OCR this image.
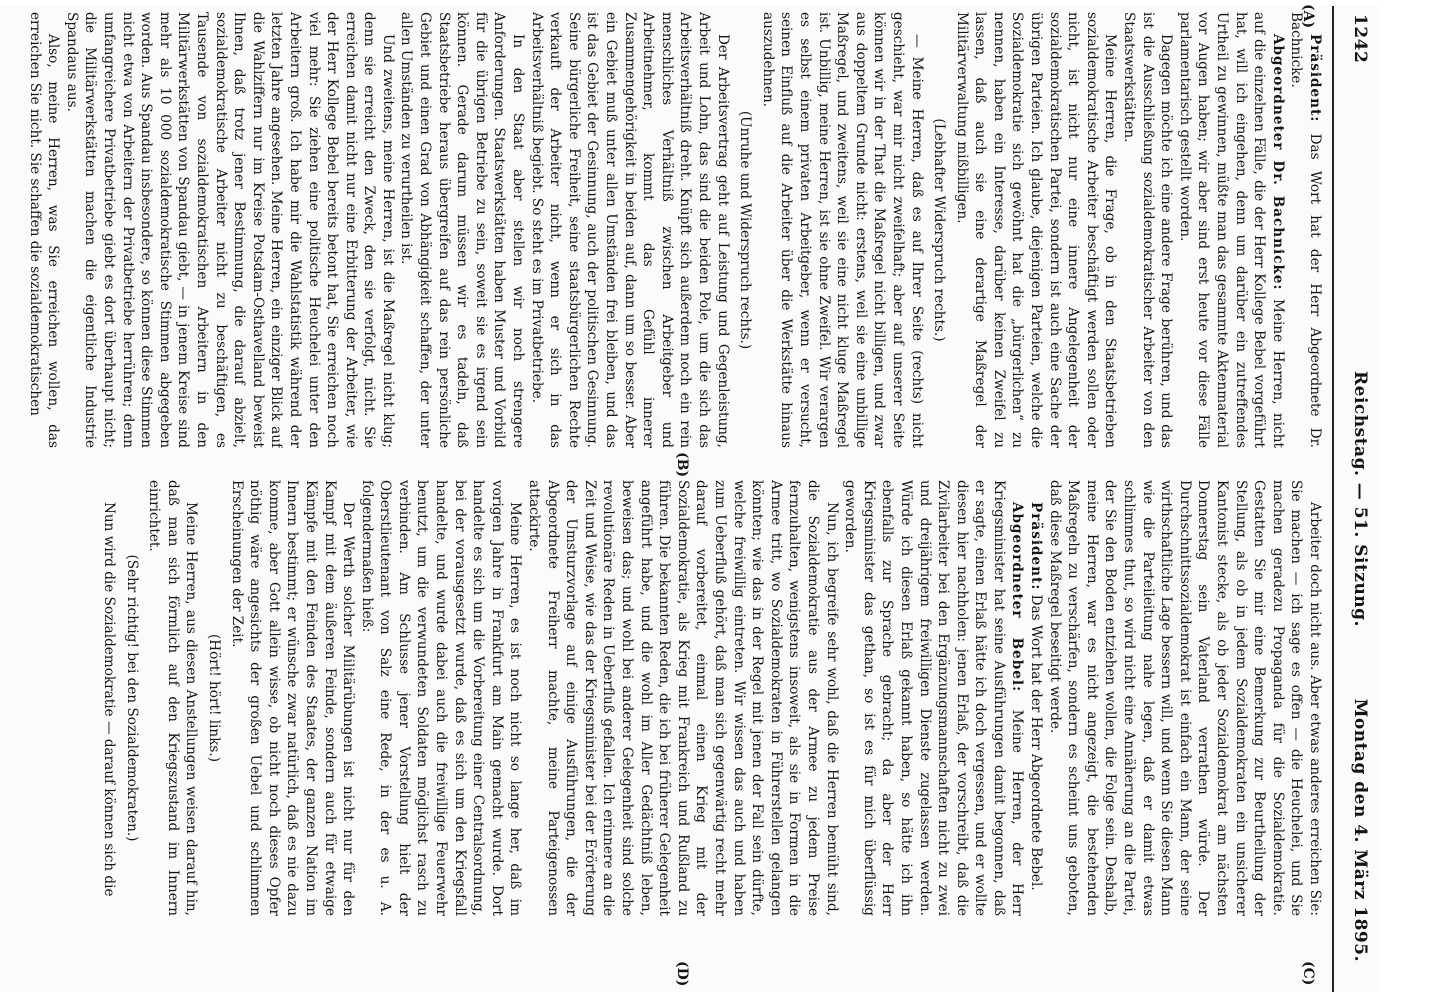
1242
Reichstag. — 51. Sitzung.
Montag den 4. März 1895.
(A)
(B)
(C)
(D)

Präsident: Das Wort hat der Herr Abgeordnete Dr. Bachnicke.

Abgeordneter Dr. Bachnicke: Meine Herren, nicht auf die einzelnen Fälle, die der Herr Kollege Bebel vorgeführt hat, will ich eingehen, denn um darüber ein zutreffendes Urtheil zu gewinnen, müßte man das gesammte Aktenmaterial vor Augen haben; wir aber sind erst heute vor diese Fälle parlamentarisch gestellt worden.

Dagegen möchte ich eine andere Frage berühren, und das ist die Ausschließung sozialdemokratischer Arbeiter von den Staatswerkstätten.

Meine Herren, die Frage, ob in den Staatsbetrieben sozialdemokratische Arbeiter beschäftigt werden sollen oder nicht, ist nicht nur eine innere Angelegenheit der sozialdemokratischen Partei, sondern ist auch eine Sache der übrigen Parteien. Ich glaube, diejenigen Parteien, welche die Sozialdemokratie sich gewöhnt hat die „bürgerlichen“ zu nennen, haben ein Interesse, darüber keinen Zweifel zu lassen, daß auch sie eine derartige Maßregel der Militärverwaltung mißbilligen.

(Lebhafter Widerspruch rechts.)

— Meine Herren, daß es auf Ihrer Seite (rechts) nicht geschieht, war mir nicht zweifelhaft; aber auf unserer Seite können wir in der That die Maßregel nicht billigen, und zwar aus doppeltem Grunde nicht: erstens, weil sie eine unbillige Maßregel, und zweitens, weil sie eine nicht kluge Maßregel ist. Unbillig, meine Herren, ist sie ohne Zweifel. Wir verargen es selbst einem privaten Arbeitgeber, wenn er versucht, seinen Einfluß auf die Arbeiter über die Werkstätte hinaus auszudehnen.

(Unruhe und Widerspruch rechts.)

Der Arbeitsvertrag geht auf Leistung und Gegenleistung, Arbeit und Lohn, das sind die beiden Pole, um die sich das Arbeitsverhältniß dreht. Knüpft sich außerdem noch ein rein menschliches Verhältniß zwischen Arbeitgeber und Arbeitnehmer, kommt das Gefühl innerer Zusammengehörigkeit in beiden auf, dann um so besser. Aber ein Gebiet muß unter allen Umständen frei bleiben, und das ist das Gebiet der Gesinnung, auch der politischen Gesinnung. Seine bürgerliche Freiheit, seine staatsbürgerlichen Rechte verkauft der Arbeiter nicht, wenn er sich in das Arbeitsverhältniß begiebt. So steht es im Privatbetriebe.

In den Staat aber stellen wir noch strengere Anforderungen. Staatswerkstätten haben Muster und Vorbild für die übrigen Betriebe zu sein, soweit sie es irgend sein können. Gerade darum müssen wir es tadeln, daß Staatsbetriebe heraus übergreifen auf das rein persönliche Gebiet und einen Grad von Abhängigkeit schaffen, der unter allen Umständen zu verurtheilen ist.

Und zweitens, meine Herren, ist die Maßregel nicht klug; denn sie erreicht den Zweck, den sie verfolgt, nicht. Sie erreichen damit nicht nur eine Erbitterung der Arbeiter, wie der Herr Kollege Bebel bereits betont hat, Sie erreichen noch viel mehr: Sie ziehen eine politische Heuchelei unter den Arbeitern groß. Ich habe mir die Wahlstatistik während der letzten Jahre angesehen. Meine Herren, ein einziger Blick auf die Wahlziffern nur im Kreise Potsdam-Osthavelland beweist Ihnen, daß trotz jener Bestimmung, die darauf abzielt, sozialdemokratische Arbeiter nicht zu beschäftigen, es Tausende von sozialdemokratischen Arbeitern in den Militärwerkstätten von Spandau giebt, — in jenem Kreise sind mehr als 10 000 sozialdemokratische Stimmen abgegeben worden. Aus Spandau insbesondere, so können diese Stimmen nicht etwa von Arbeitern der Privatbetriebe herrühren; denn umfangreichere Privatbetriebe giebt es dort überhaupt nicht; die Militärwerkstätten machen die eigentliche Industrie Spandaus aus.

Also, meine Herren, was Sie erreichen wollen, das erreichen Sie nicht. Sie schaffen die sozialdemokratischen

Arbeiter doch nicht aus. Aber etwas anderes erreichen Sie: Sie machen — ich sage es offen — die Heuchelei, und Sie machen geradezu Propaganda für die Sozialdemokratie. Gestatten Sie mir eine Bemerkung zur Beurtheilung der Stellung, als ob in jedem Sozialdemokraten ein unsicherer Kantonist stecke, als ob jeder Sozialdemokrat am nächsten Donnerstag sein Vaterland verrathen würde. Der Durchschnittssozialdemokrat ist einfach ein Mann, der seine wirthschaftliche Lage bessern will, und wenn Sie diesen Mann wie die Parteileitung nahe legen, daß er damit etwas schlimmes thut, so wird nicht eine Annäherung an die Partei, der Sie den Boden entziehen wollen, die Folge sein. Deshalb, meine Herren, war es nicht angezeigt, die bestehenden Maßregeln zu verschärfen, sondern es scheint uns geboten, daß diese Maßregel beseitigt werde.

Präsident: Das Wort hat der Herr Abgeordnete Bebel.

Abgeordneter Bebel: Meine Herren, der Herr Kriegsminister hat seine Ausführungen damit begonnen, daß er sagte, einen Erlaß hätte ich doch vergessen, und er wollte diesen hier nachholen: jenen Erlaß, der vorschreibt, daß die Zivilarbeiter bei den Ergänzungsmannschaften nicht zu zwei und dreijährigem freiwilligen Dienste zugelassen werden. Würde ich diesen Erlaß gekannt haben, so hätte ich ihn ebenfalls zur Sprache gebracht; da aber der Herr Kriegsminister das gethan, so ist es für mich überflüssig geworden.

Nun, ich begreife sehr wohl, daß die Herren bemüht sind, die Sozialdemokratie aus der Armee zu jedem Preise fernzuhalten, wenigstens insoweit, als sie in Formen in die Armee tritt, wo Sozialdemokraten in Führerstellen gelangen könnten; wie das in der Regel mit jenen der Fall sein dürfte, welche freiwillig eintreten. Wir wissen das auch und haben zum Ueberfluß gehört, daß man sich gegenwärtig recht mehr darauf vorbereitet, einmal einen Krieg mit der Sozialdemokratie, als Krieg mit Frankreich und Rußland zu führen. Die bekannten Reden, die ich bei früherer Gelegenheit angeführt habe, und die wohl im Aller Gedächtniß leben, beweisen das; und wohl bei anderer Gelegenheit sind solche revolutionäre Reden in Ueberfluß gefallen. Ich erinnere an die Zeit und Weise, wie das der Kriegsminister bei der Erörterung der Umsturzvorlage auf einige Ausführungen, die der Abgeordnete Freiherr machte, meine Parteigenossen attackirte.

Meine Herren, es ist noch nicht so lange her, daß im vorigen Jahre in Frankfurt am Main gemacht wurde. Dort handelte es sich um die Vorbereitung einer Centralsordnung, bei der vorausgesetzt wurde, daß es sich um den Kriegsfall handelte, und wurde dabei auch die freiwillige Feuerwehr benutzt, um die verwundeten Soldaten möglichst rasch zu verbinden. Am Schlusse jener Vorstellung hielt der Oberstlieutenant von Salz eine Rede, in der es u. A. folgendermaßen hieß:

Der Werth solcher Militärübungen ist nicht nur für den Kampf mit dem äußeren Feinde, sondern auch für etwaige Kämpfe mit den Feinden des Staates, der ganzen Nation im Innern bestimmt; er wünsche zwar natürlich, daß es nie dazu komme, aber Gott allein wisse, ob nicht noch dieses Opfer nöthig wäre angesichts der großen Uebel und schlimmen Erscheinungen der Zeit.

(Hört! hört! links.)

Meine Herren, aus diesen Anstellungen weisen darauf hin, daß man sich förmlich auf den Kriegszustand im Innern einrichtet.

(Sehr richtig! bei den Sozialdemokraten.)

Nun wird die Sozialdemokratie — darauf können sich die
